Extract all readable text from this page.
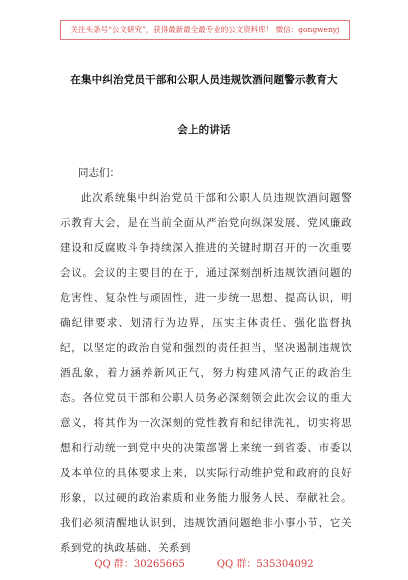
关注头条号“公文研究”，获得最新最全最专业的公文资料库！ 微信：gongwenyj
在集中纠治党员干部和公职人员违规饮酒问题警示教育大
会上的讲话
同志们：

此次系统集中纠治党员干部和公职人员违规饮酒问题警示教育大会，是在当前全面从严治党向纵深发展、党风廉政建设和反腐败斗争持续深入推进的关键时期召开的一次重要会议。会议的主要目的在于，通过深刻剖析违规饮酒问题的危害性、复杂性与顽固性，进一步统一思想、提高认识，明确纪律要求、划清行为边界，压实主体责任、强化监督执纪，以坚定的政治自觉和强烈的责任担当，坚决遏制违规饮酒乱象，着力涵养新风正气，努力构建风清气正的政治生态。各位党员干部和公职人员务必深刻领会此次会议的重大意义，将其作为一次深刻的党性教育和纪律洗礼，切实将思想和行动统一到党中央的决策部署上来统一到省委、市委以及本单位的具体要求上来，以实际行动维护党和政府的良好形象，以过硬的政治素质和业务能力服务人民、奉献社会。我们必须清醒地认识到，违规饮酒问题绝非小事小节，它关系到党的执政基础、关系到

QQ 群：30265665	QQ 群：535304092
